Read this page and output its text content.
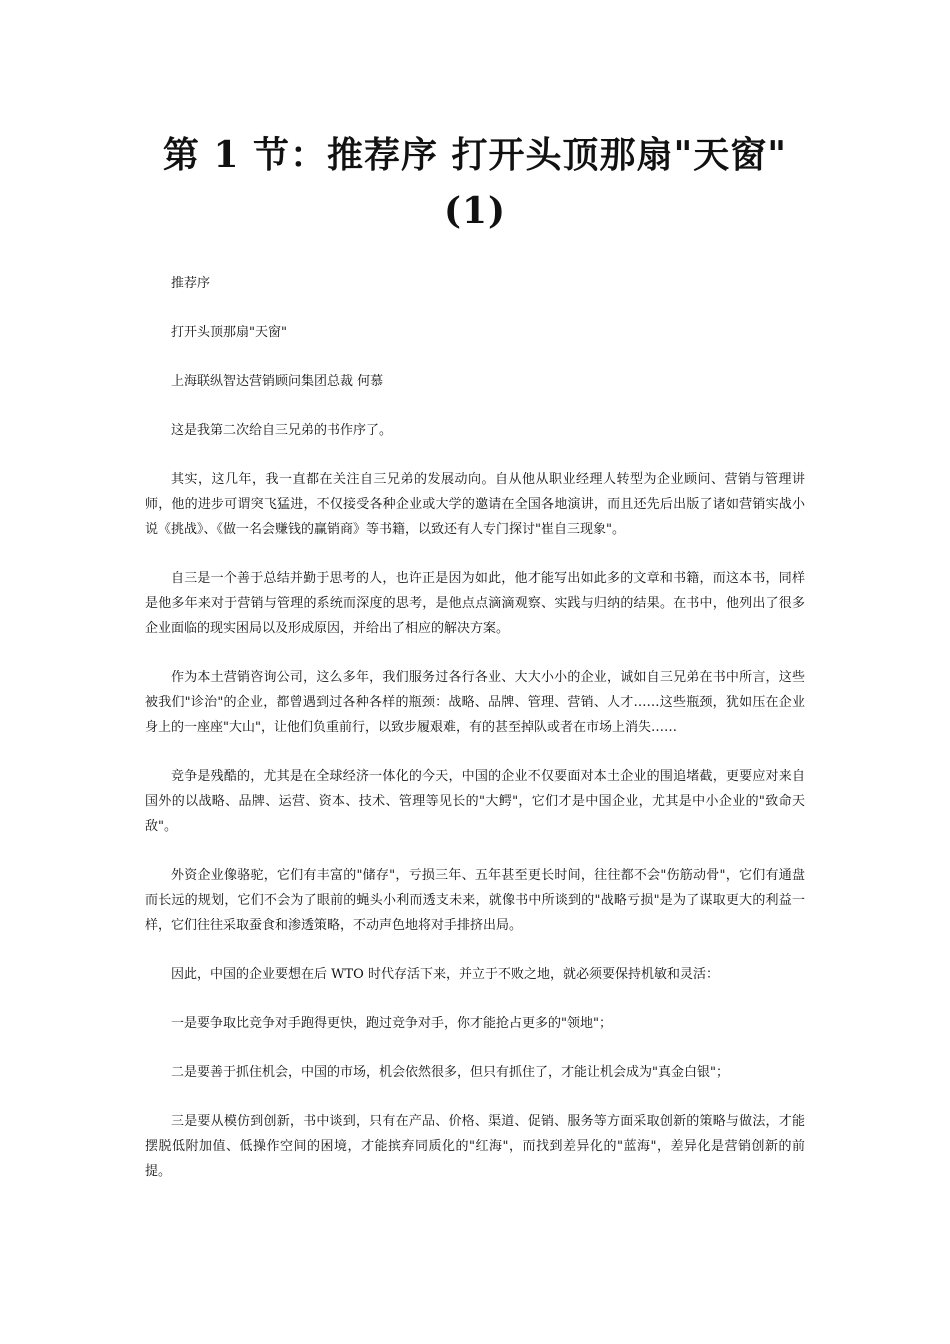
第 1 节：推荐序 打开头顶那扇"天窗"(1)

推荐序

打开头顶那扇"天窗"

上海联纵智达营销顾问集团总裁 何慕

这是我第二次给自三兄弟的书作序了。

其实，这几年，我一直都在关注自三兄弟的发展动向。自从他从职业经理人转型为企业顾问、营销与管理讲师，他的进步可谓突飞猛进，不仅接受各种企业或大学的邀请在全国各地演讲，而且还先后出版了诸如营销实战小说《挑战》、《做一名会赚钱的赢销商》等书籍，以致还有人专门探讨"崔自三现象"。

自三是一个善于总结并勤于思考的人，也许正是因为如此，他才能写出如此多的文章和书籍，而这本书，同样是他多年来对于营销与管理的系统而深度的思考，是他点点滴滴观察、实践与归纳的结果。在书中，他列出了很多企业面临的现实困局以及形成原因，并给出了相应的解决方案。

作为本土营销咨询公司，这么多年，我们服务过各行各业、大大小小的企业，诚如自三兄弟在书中所言，这些被我们"诊治"的企业，都曾遇到过各种各样的瓶颈：战略、品牌、管理、营销、人才……这些瓶颈，犹如压在企业身上的一座座"大山"，让他们负重前行，以致步履艰难，有的甚至掉队或者在市场上消失……

竞争是残酷的，尤其是在全球经济一体化的今天，中国的企业不仅要面对本土企业的围追堵截，更要应对来自国外的以战略、品牌、运营、资本、技术、管理等见长的"大鳄"，它们才是中国企业，尤其是中小企业的"致命天敌"。

外资企业像骆驼，它们有丰富的"储存"，亏损三年、五年甚至更长时间，往往都不会"伤筋动骨"，它们有通盘而长远的规划，它们不会为了眼前的蝇头小利而透支未来，就像书中所谈到的"战略亏损"是为了谋取更大的利益一样，它们往往采取蚕食和渗透策略，不动声色地将对手排挤出局。

因此，中国的企业要想在后 WTO 时代存活下来，并立于不败之地，就必须要保持机敏和灵活：

一是要争取比竞争对手跑得更快，跑过竞争对手，你才能抢占更多的"领地"；

二是要善于抓住机会，中国的市场，机会依然很多，但只有抓住了，才能让机会成为"真金白银"；

三是要从模仿到创新，书中谈到，只有在产品、价格、渠道、促销、服务等方面采取创新的策略与做法，才能摆脱低附加值、低操作空间的困境，才能摈弃同质化的"红海"，而找到差异化的"蓝海"，差异化是营销创新的前提。
